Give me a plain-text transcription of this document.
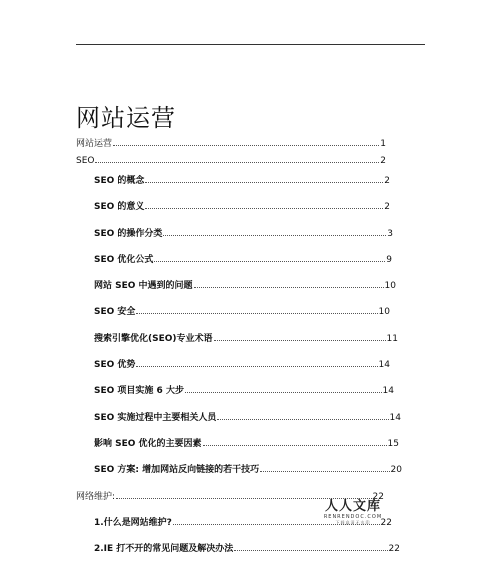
网站运营
网站运营	1
SEO	2
SEO 的概念	2
SEO 的意义	2
SEO 的操作分类	3
SEO 优化公式	9
网站 SEO 中遇到的问题	10
SEO 安全	10
搜索引擎优化(SEO)专业术语	11
SEO 优势	14
SEO 项目实施 6 大步	14
SEO 实施过程中主要相关人员	14
影响 SEO 优化的主要因素	15
SEO 方案: 增加网站反向链接的若干技巧	20
网络维护:	22
1.什么是网站维护?	22
2.IE 打不开的常见问题及解决办法	22
人人文库
RENRENDOC.COM
下载高清无水印
